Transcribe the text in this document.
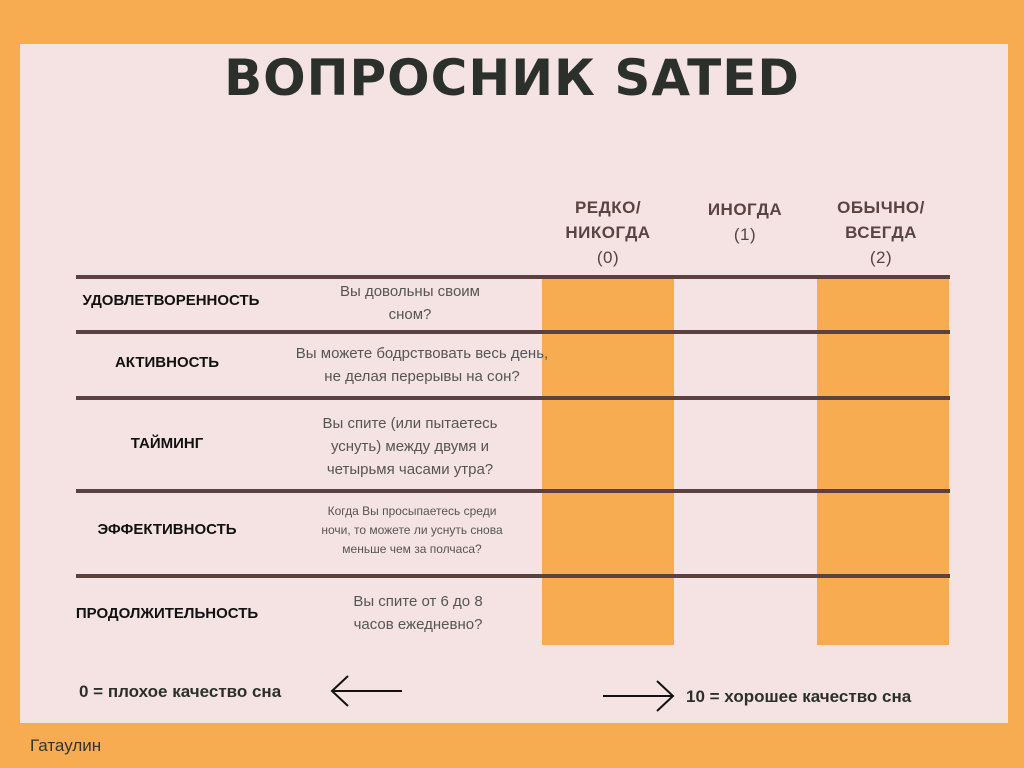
ВОПРОСНИК SATED
РЕДКО/ НИКОГДА
(0)
ИНОГДА
(1)
ОБЫЧНО/ ВСЕГДА
(2)
УДОВЛЕТВОРЕННОСТЬ
Вы довольны своим сном?
АКТИВНОСТЬ
Вы можете бодрствовать весь день, не делая перерывы на сон?
ТАЙМИНГ
Вы спите (или пытаетесь уснуть) между двумя и четырьмя часами утра?
ЭФФЕКТИВНОСТЬ
Когда Вы просыпаетесь среди ночи, то можете ли уснуть снова меньше чем за полчаса?
ПРОДОЛЖИТЕЛЬНОСТЬ
Вы спите от 6 до 8 часов ежедневно?
0 = плохое качество сна	10 = хорошее качество сна
Гатаулин
